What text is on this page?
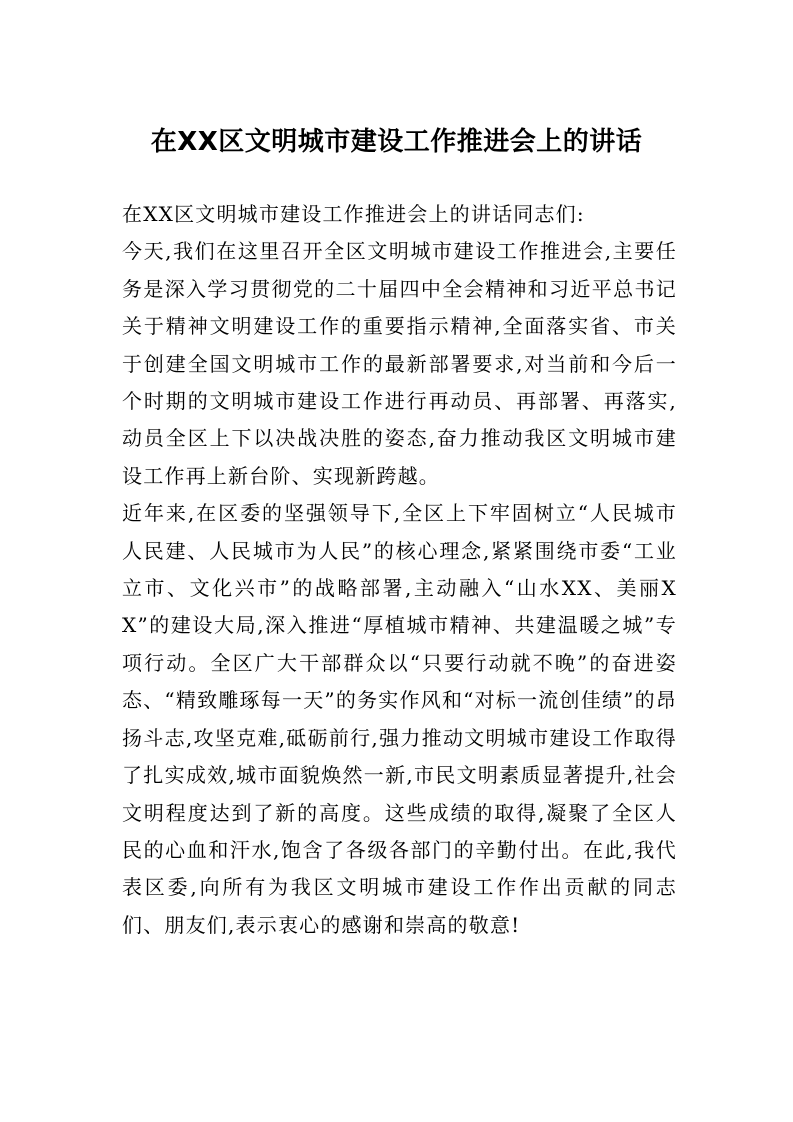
在XX区文明城市建设工作推进会上的讲话

在XX区文明城市建设工作推进会上的讲话同志们:

今天,我们在这里召开全区文明城市建设工作推进会,主要任务是深入学习贯彻党的二十届四中全会精神和习近平总书记关于精神文明建设工作的重要指示精神,全面落实省、市关于创建全国文明城市工作的最新部署要求,对当前和今后一个时期的文明城市建设工作进行再动员、再部署、再落实,动员全区上下以决战决胜的姿态,奋力推动我区文明城市建设工作再上新台阶、实现新跨越。

近年来,在区委的坚强领导下,全区上下牢固树立“人民城市人民建、人民城市为人民”的核心理念,紧紧围绕市委“工业立市、文化兴市”的战略部署,主动融入“山水XX、美丽XX”的建设大局,深入推进“厚植城市精神、共建温暖之城”专项行动。全区广大干部群众以“只要行动就不晚”的奋进姿态、“精致雕琢每一天”的务实作风和“对标一流创佳绩”的昂扬斗志,攻坚克难,砥砺前行,强力推动文明城市建设工作取得了扎实成效,城市面貌焕然一新,市民文明素质显著提升,社会文明程度达到了新的高度。这些成绩的取得,凝聚了全区人民的心血和汗水,饱含了各级各部门的辛勤付出。在此,我代表区委,向所有为我区文明城市建设工作作出贡献的同志们、朋友们,表示衷心的感谢和崇高的敬意!
